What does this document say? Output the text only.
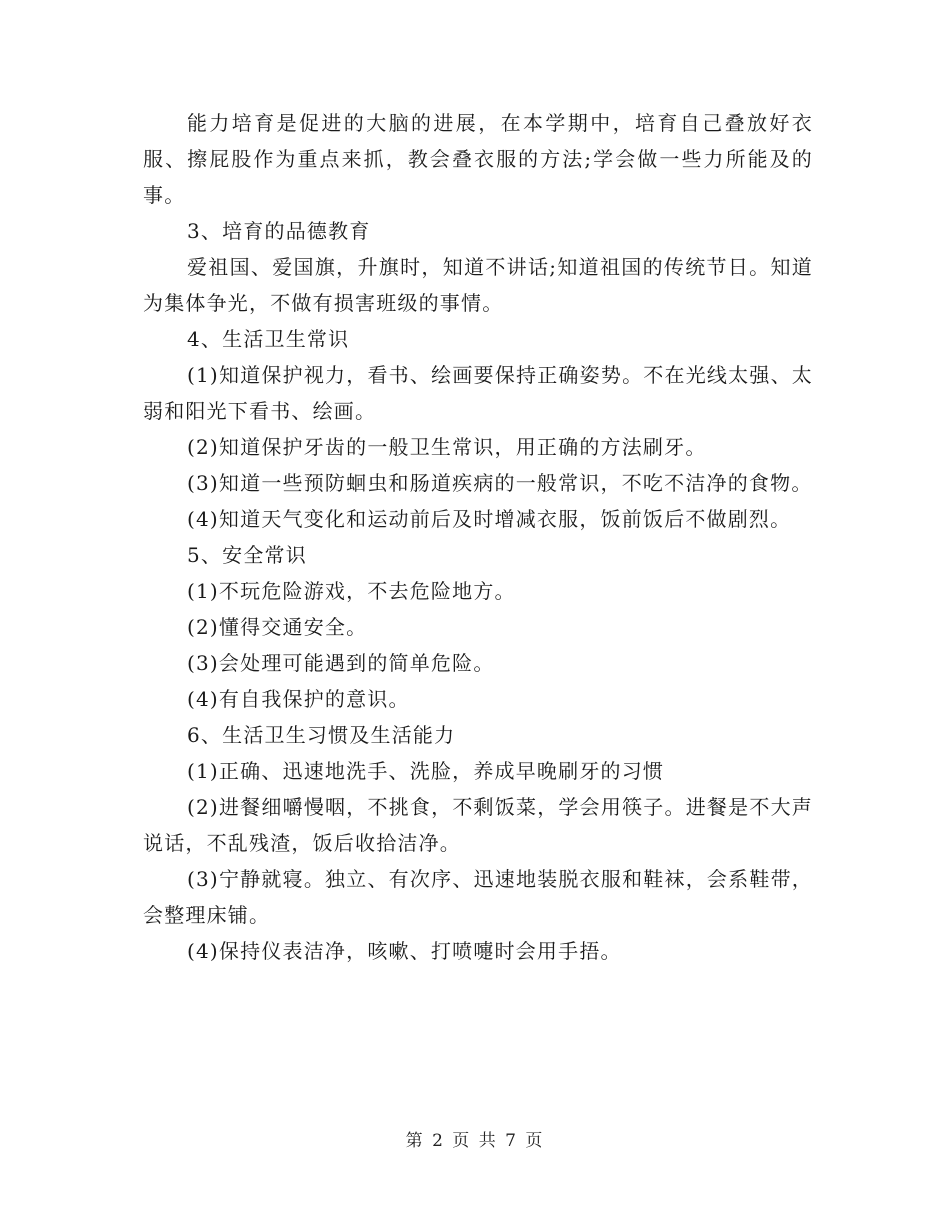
能力培育是促进的大脑的进展，在本学期中，培育自己叠放好衣服、擦屁股作为重点来抓，教会叠衣服的方法;学会做一些力所能及的事。

3、培育的品德教育

爱祖国、爱国旗，升旗时，知道不讲话;知道祖国的传统节日。知道为集体争光，不做有损害班级的事情。

4、生活卫生常识

(1)知道保护视力，看书、绘画要保持正确姿势。不在光线太强、太弱和阳光下看书、绘画。

(2)知道保护牙齿的一般卫生常识，用正确的方法刷牙。

(3)知道一些预防蛔虫和肠道疾病的一般常识，不吃不洁净的食物。

(4)知道天气变化和运动前后及时增减衣服，饭前饭后不做剧烈。

5、安全常识

(1)不玩危险游戏，不去危险地方。

(2)懂得交通安全。

(3)会处理可能遇到的简单危险。

(4)有自我保护的意识。

6、生活卫生习惯及生活能力

(1)正确、迅速地洗手、洗脸，养成早晚刷牙的习惯

(2)进餐细嚼慢咽，不挑食，不剩饭菜，学会用筷子。进餐是不大声说话，不乱残渣，饭后收拾洁净。

(3)宁静就寝。独立、有次序、迅速地装脱衣服和鞋袜，会系鞋带，会整理床铺。

(4)保持仪表洁净，咳嗽、打喷嚏时会用手捂。

第 2 页 共 7 页
